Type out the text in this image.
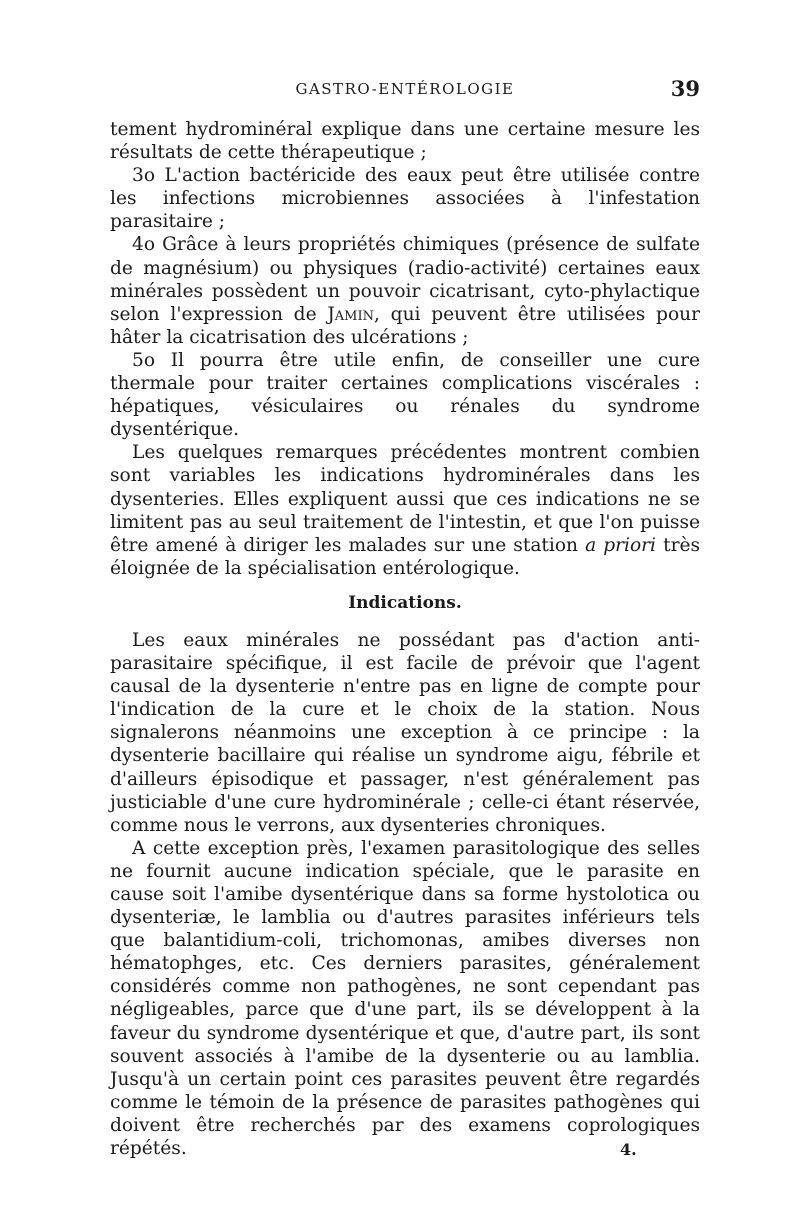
GASTRO-ENTÉROLOGIE	39

tement hydrominéral explique dans une certaine mesure les résultats de cette thérapeutique ;

3o L'action bactéricide des eaux peut être utilisée contre les infections microbiennes associées à l'infestation parasitaire ;

4o Grâce à leurs propriétés chimiques (présence de sulfate de magnésium) ou physiques (radio-activité) certaines eaux minérales possèdent un pouvoir cicatrisant, cyto-phylactique selon l'expression de Jamin, qui peuvent être utilisées pour hâter la cicatrisation des ulcérations ;

5o Il pourra être utile enfin, de conseiller une cure thermale pour traiter certaines complications viscérales : hépatiques, vésiculaires ou rénales du syndrome dysentérique.

Les quelques remarques précédentes montrent combien sont variables les indications hydrominérales dans les dysenteries. Elles expliquent aussi que ces indications ne se limitent pas au seul traitement de l'intestin, et que l'on puisse être amené à diriger les malades sur une station a priori très éloignée de la spécialisation entérologique.

Indications.

Les eaux minérales ne possédant pas d'action anti-parasitaire spécifique, il est facile de prévoir que l'agent causal de la dysenterie n'entre pas en ligne de compte pour l'indication de la cure et le choix de la station. Nous signalerons néanmoins une exception à ce principe : la dysenterie bacillaire qui réalise un syndrome aigu, fébrile et d'ailleurs épisodique et passager, n'est généralement pas justiciable d'une cure hydrominérale ; celle-ci étant réservée, comme nous le verrons, aux dysenteries chroniques.

A cette exception près, l'examen parasitologique des selles ne fournit aucune indication spéciale, que le parasite en cause soit l'amibe dysentérique dans sa forme hystolotica ou dysenteriæ, le lamblia ou d'autres parasites inférieurs tels que balantidium-coli, trichomonas, amibes diverses non hématophges, etc. Ces derniers parasites, généralement considérés comme non pathogènes, ne sont cependant pas négligeables, parce que d'une part, ils se développent à la faveur du syndrome dysentérique et que, d'autre part, ils sont souvent associés à l'amibe de la dysenterie ou au lamblia. Jusqu'à un certain point ces parasites peuvent être regardés comme le témoin de la présence de parasites pathogènes qui doivent être recherchés par des examens coprologiques répétés.	4.
